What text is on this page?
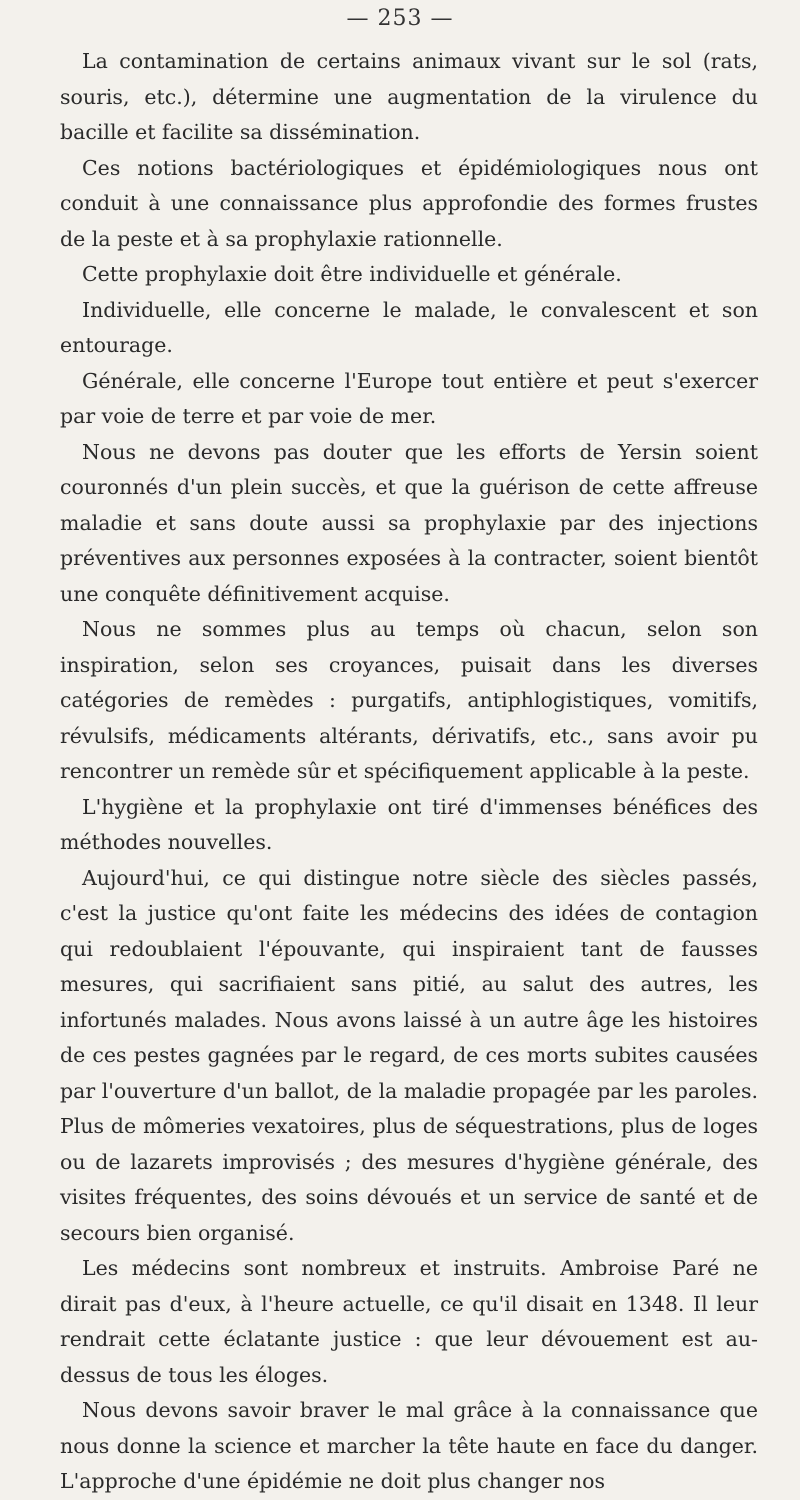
— 253 —

La contamination de certains animaux vivant sur le sol (rats, souris, etc.), détermine une augmentation de la virulence du bacille et facilite sa dissémination.

Ces notions bactériologiques et épidémiologiques nous ont conduit à une connaissance plus approfondie des formes frustes de la peste et à sa prophylaxie rationnelle.

Cette prophylaxie doit être individuelle et générale.

Individuelle, elle concerne le malade, le convalescent et son entourage.

Générale, elle concerne l'Europe tout entière et peut s'exercer par voie de terre et par voie de mer.

Nous ne devons pas douter que les efforts de Yersin soient couronnés d'un plein succès, et que la guérison de cette affreuse maladie et sans doute aussi sa prophylaxie par des injections préventives aux personnes exposées à la contracter, soient bientôt une conquête définitivement acquise.

Nous ne sommes plus au temps où chacun, selon son inspiration, selon ses croyances, puisait dans les diverses catégories de remèdes : purgatifs, antiphlogistiques, vomitifs, révulsifs, médicaments altérants, dérivatifs, etc., sans avoir pu rencontrer un remède sûr et spécifiquement applicable à la peste.

L'hygiène et la prophylaxie ont tiré d'immenses bénéfices des méthodes nouvelles.

Aujourd'hui, ce qui distingue notre siècle des siècles passés, c'est la justice qu'ont faite les médecins des idées de contagion qui redoublaient l'épouvante, qui inspiraient tant de fausses mesures, qui sacrifiaient sans pitié, au salut des autres, les infortunés malades. Nous avons laissé à un autre âge les histoires de ces pestes gagnées par le regard, de ces morts subites causées par l'ouverture d'un ballot, de la maladie propagée par les paroles. Plus de mômeries vexatoires, plus de séquestrations, plus de loges ou de lazarets improvisés ; des mesures d'hygiène générale, des visites fréquentes, des soins dévoués et un service de santé et de secours bien organisé.

Les médecins sont nombreux et instruits. Ambroise Paré ne dirait pas d'eux, à l'heure actuelle, ce qu'il disait en 1348. Il leur rendrait cette éclatante justice : que leur dévouement est au-dessus de tous les éloges.

Nous devons savoir braver le mal grâce à la connaissance que nous donne la science et marcher la tête haute en face du danger. L'approche d'une épidémie ne doit plus changer nos
